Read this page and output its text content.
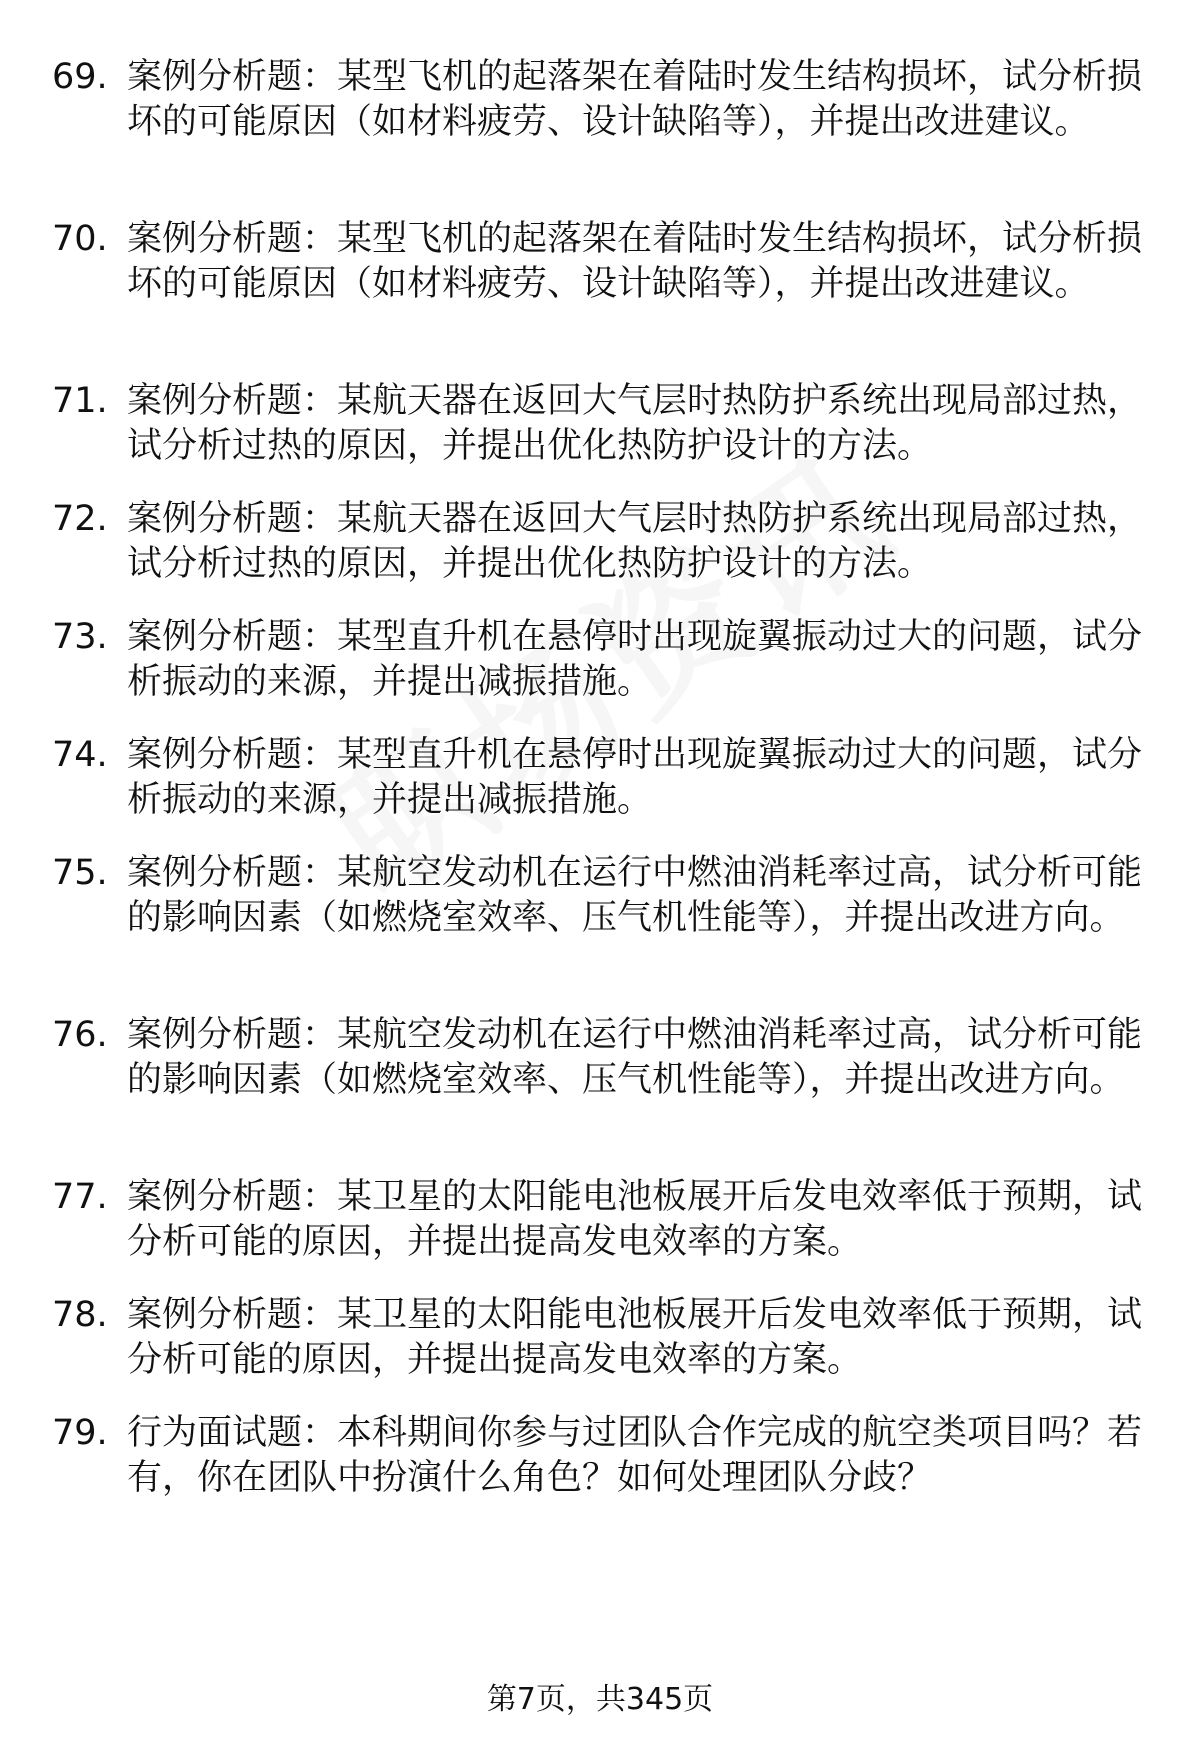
69. 案例分析题：某型飞机的起落架在着陆时发生结构损坏，试分析损坏的可能原因（如材料疲劳、设计缺陷等），并提出改进建议。
70. 案例分析题：某型飞机的起落架在着陆时发生结构损坏，试分析损坏的可能原因（如材料疲劳、设计缺陷等），并提出改进建议。
71. 案例分析题：某航天器在返回大气层时热防护系统出现局部过热，试分析过热的原因，并提出优化热防护设计的方法。
72. 案例分析题：某航天器在返回大气层时热防护系统出现局部过热，试分析过热的原因，并提出优化热防护设计的方法。
73. 案例分析题：某型直升机在悬停时出现旋翼振动过大的问题，试分析振动的来源，并提出减振措施。
74. 案例分析题：某型直升机在悬停时出现旋翼振动过大的问题，试分析振动的来源，并提出减振措施。
75. 案例分析题：某航空发动机在运行中燃油消耗率过高，试分析可能的影响因素（如燃烧室效率、压气机性能等），并提出改进方向。
76. 案例分析题：某航空发动机在运行中燃油消耗率过高，试分析可能的影响因素（如燃烧室效率、压气机性能等），并提出改进方向。
77. 案例分析题：某卫星的太阳能电池板展开后发电效率低于预期，试分析可能的原因，并提出提高发电效率的方案。
78. 案例分析题：某卫星的太阳能电池板展开后发电效率低于预期，试分析可能的原因，并提出提高发电效率的方案。
79. 行为面试题：本科期间你参与过团队合作完成的航空类项目吗？若有，你在团队中扮演什么角色？如何处理团队分歧？
第7页，共345页
